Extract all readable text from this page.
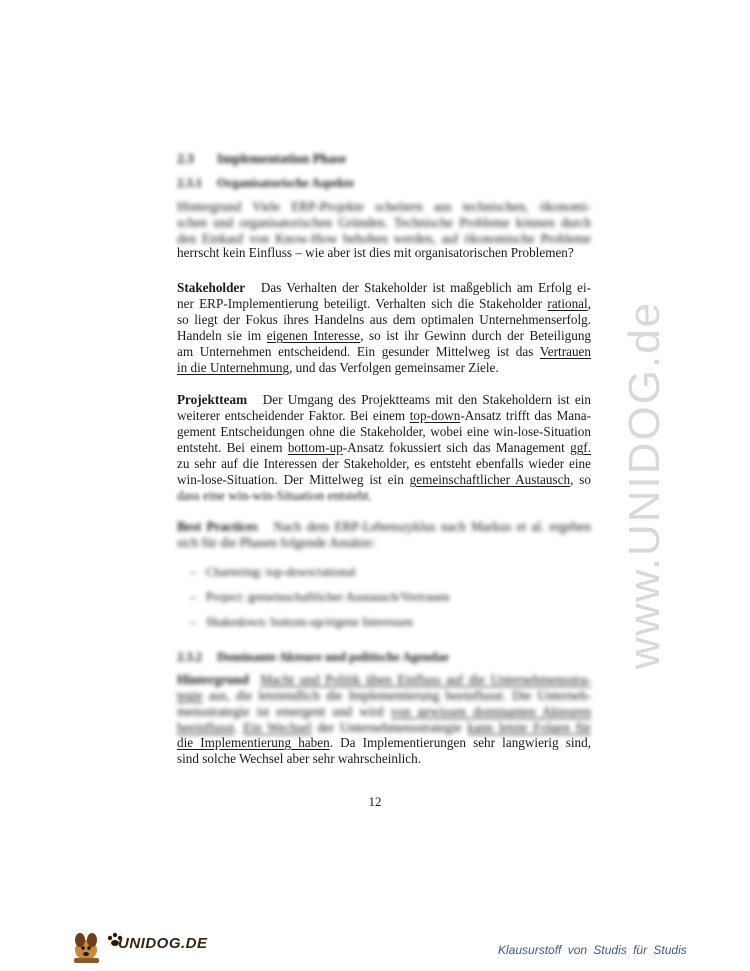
2.3 Implementation Phase
2.3.1 Organisatorische Aspekte
Hintergrund Viele ERP-Projekte scheitern aus technischen, ökonomi-
schen und organisatorischen Gründen. Technische Probleme können durch
den Einkauf von Know-How behoben werden, auf ökonomische Probleme
herrscht kein Einfluss – wie aber ist dies mit organisatorischen Problemen?
Stakeholder Das Verhalten der Stakeholder ist maßgeblich am Erfolg ei-
ner ERP-Implementierung beteiligt. Verhalten sich die Stakeholder rational,
so liegt der Fokus ihres Handelns aus dem optimalen Unternehmenserfolg.
Handeln sie im eigenen Interesse, so ist ihr Gewinn durch der Beteiligung
am Unternehmen entscheidend. Ein gesunder Mittelweg ist das Vertrauen
in die Unternehmung, und das Verfolgen gemeinsamer Ziele.
Projektteam Der Umgang des Projektteams mit den Stakeholdern ist ein
weiterer entscheidender Faktor. Bei einem top-down-Ansatz trifft das Mana-
gement Entscheidungen ohne die Stakeholder, wobei eine win-lose-Situation
entsteht. Bei einem bottom-up-Ansatz fokussiert sich das Management ggf.
zu sehr auf die Interessen der Stakeholder, es entsteht ebenfalls wieder eine
win-lose-Situation. Der Mittelweg ist ein gemeinschaftlicher Austausch, so
dass eine win-win-Situation entsteht.
Best Practices Nach dem ERP-Lebenszyklus nach Markus et al. ergeben
sich für die Phasen folgende Ansätze:
– Chartering: top-down/rational
– Project: gemeinschaftlicher Austausch/Vertrauen
– Shakedown: bottom-up/eigene Interessen
2.3.2 Dominante Akteure und politische Agendae
Hintergrund Macht und Politik üben Einfluss auf die Unternehmensstra-
tegie aus, die letztendlich die Implementierung beeinflusst. Die Unterneh-
mensstrategie ist emergent und wird von gewissen dominanten Akteuren
beeinflusst. Ein Wechsel der Unternehmensstrategie kann letzte Folgen für
die Implementierung haben. Da Implementierungen sehr langwierig sind,
sind solche Wechsel aber sehr wahrscheinlich.
12
www.UNIDOG.de
UNIDOG.DE	Klausurstoff von Studis für Studis
